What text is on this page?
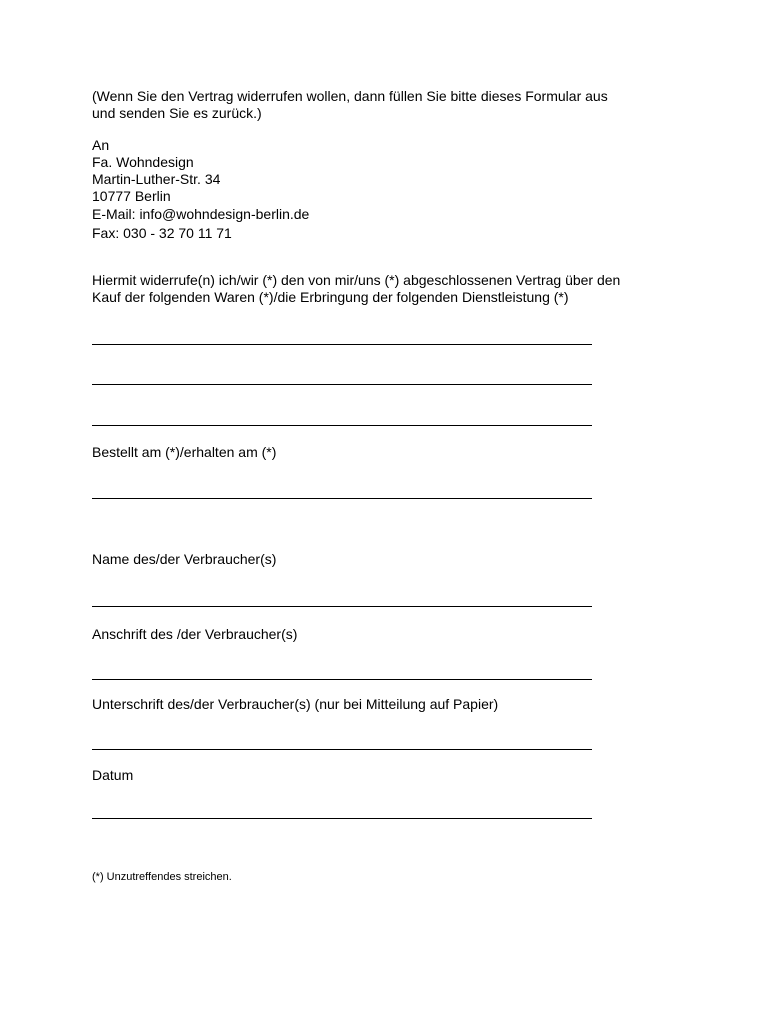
(Wenn Sie den Vertrag widerrufen wollen, dann füllen Sie bitte dieses Formular aus
und senden Sie es zurück.)
An
Fa. Wohndesign
Martin-Luther-Str. 34
10777 Berlin
E-Mail: info@wohndesign-berlin.de
Fax: 030 - 32 70 11 71
Hiermit widerrufe(n) ich/wir (*) den von mir/uns (*) abgeschlossenen Vertrag über den
Kauf der folgenden Waren (*)/die Erbringung der folgenden Dienstleistung (*)
Bestellt am (*)/erhalten am (*)
Name des/der Verbraucher(s)
Anschrift des /der Verbraucher(s)
Unterschrift des/der Verbraucher(s) (nur bei Mitteilung auf Papier)
Datum
(*) Unzutreffendes streichen.
